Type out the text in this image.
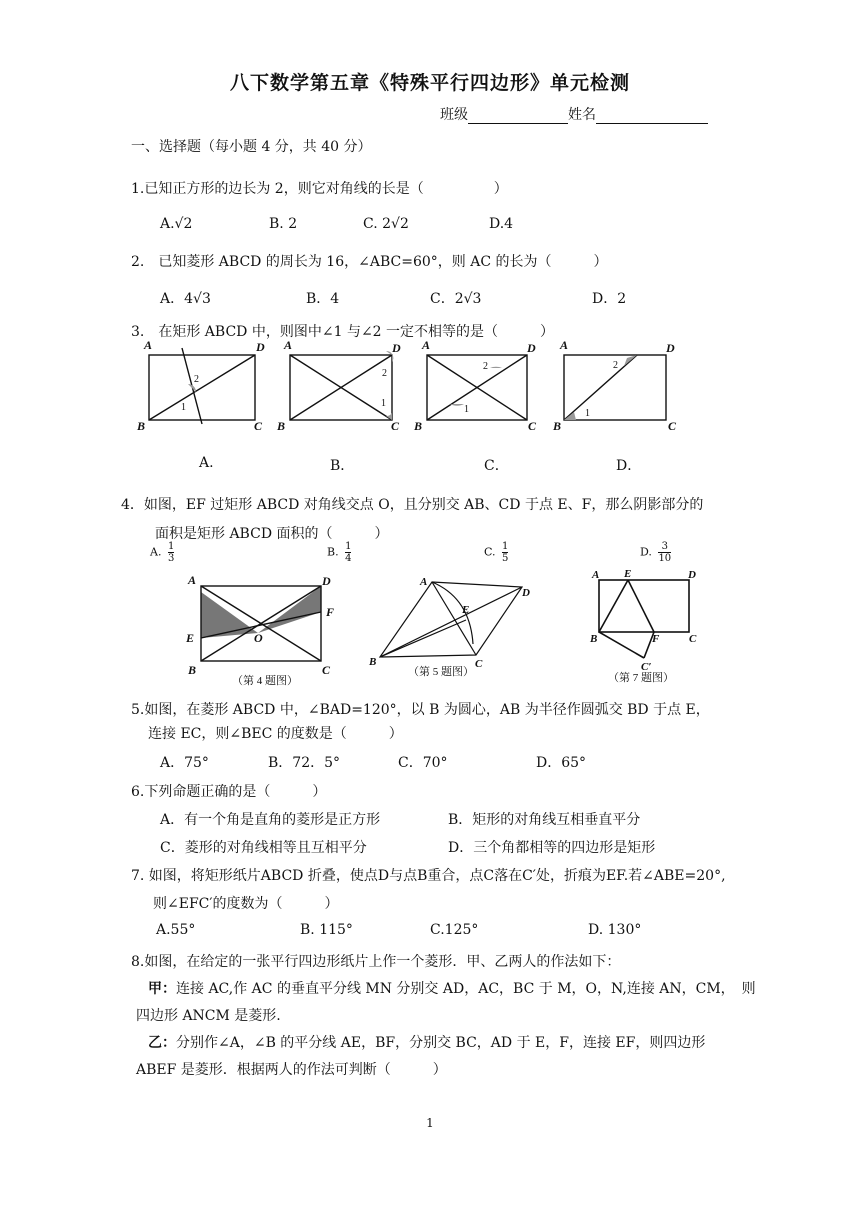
八下数学第五章《特殊平行四边形》单元检测
班级	姓名
一、选择题（每小题 4 分，共 40 分）
1.已知正方形的边长为 2，则它对角线的长是（　　　　　）
A.√2	B. 2	C. 2√2	D.4
2.　已知菱形 ABCD 的周长为 16，∠ABC=60°，则 AC 的长为（　　　）
A．4√3	B．4	C．2√3	D．2
3.　在矩形 ABCD 中，则图中∠1 与∠2 一定不相等的是（　　　）
A
B	C
D A
B	C
D A
B	C
D A
B	C
D
2
1
2
1
2
1
2
1
A.	B．	C．	D．
4．如图，EF 过矩形 ABCD 对角线交点 O，且分别交 AB、CD 于点 E、F，那么阴影部分的
面积是矩形 ABCD 面积的（　　　）
A. $\frac{1}{3}$	B. $\frac{1}{4}$	C. $\frac{1}{5}$	D. $\frac{3}{10}$
A	D
F
E	O
B	C
（第 4 题图）
A
D
E
B	C
（第 5 题图）
A E	D
B	F	C
C′
（第 7 题图）
5.如图，在菱形 ABCD 中，∠BAD=120°，以 B 为圆心，AB 为半径作圆弧交 BD 于点 E，
连接 EC，则∠BEC 的度数是（　　　）
A．75°	B．72．5°	C．70°	D．65°
6.下列命题正确的是（　　　）
A．有一个角是直角的菱形是正方形	B．矩形的对角线互相垂直平分
C．菱形的对角线相等且互相平分	D．三个角都相等的四边形是矩形
7. 如图，将矩形纸片ABCD 折叠，使点D与点B重合，点C落在C′处，折痕为EF.若∠ABE=20°,
则∠EFC′的度数为（　　　）
A.55°	B. 115°	C.125°	D. 130°
8.如图，在给定的一张平行四边形纸片上作一个菱形．甲、乙两人的作法如下：
甲：连接 AC,作 AC 的垂直平分线 MN 分别交 AD，AC，BC 于 M，O，N,连接 AN，CM，　则
四边形 ANCM 是菱形.
乙：分别作∠A，∠B 的平分线 AE，BF，分别交 BC，AD 于 E，F，连接 EF，则四边形
ABEF 是菱形．根据两人的作法可判断（　　　）
1
